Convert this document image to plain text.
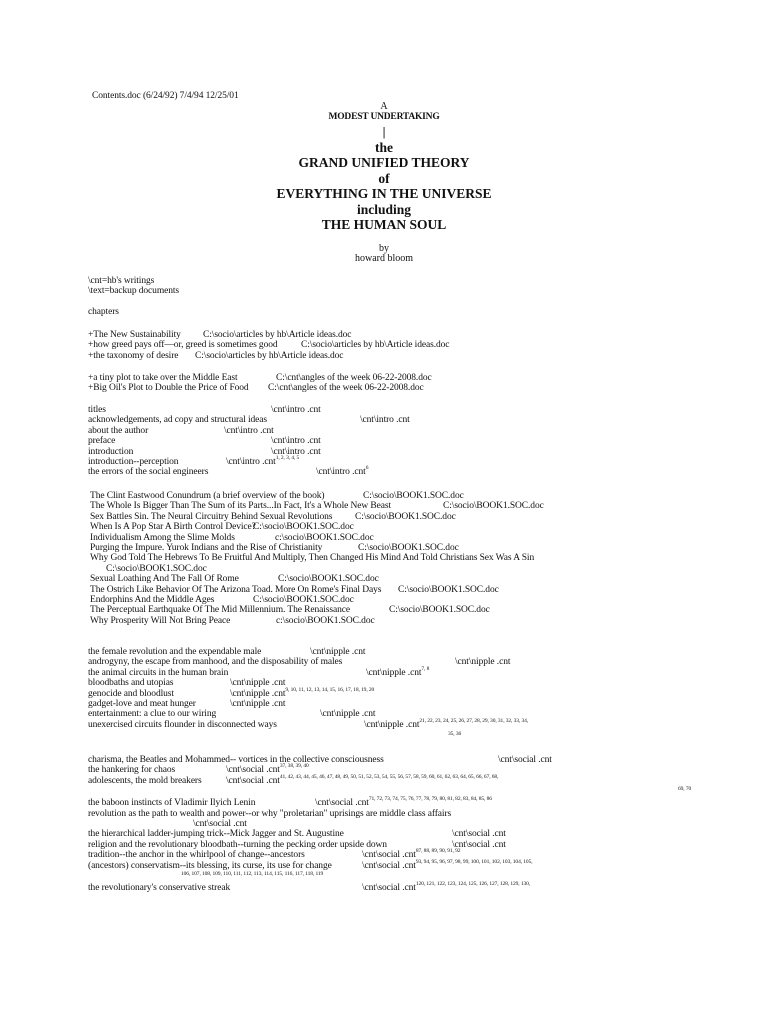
Contents.doc (6/24/92) 7/4/94 12/25/01
A
MODEST UNDERTAKING
|
the
GRAND UNIFIED THEORY
of
EVERYTHING IN THE UNIVERSE
including
THE HUMAN SOUL
by
howard bloom
\cnt=hb's writings
\text=backup documents
chapters
+The New Sustainability C:\socio\articles by hb\Article ideas.doc
+how greed pays off—or, greed is sometimes good C:\socio\articles by hb\Article ideas.doc
+the taxonomy of desire C:\socio\articles by hb\Article ideas.doc
+a tiny plot to take over the Middle East	C:\cnt\angles of the week 06-22-2008.doc
+Big Oil's Plot to Double the Price of Food C:\cnt\angles of the week 06-22-2008.doc
titles	\cnt\intro .cnt
acknowledgements, ad copy and structural ideas	\cnt\intro .cnt
about the author	\cnt\intro .cnt
preface	\cnt\intro .cnt
introduction	\cnt\intro .cnt
introduction--perception	\cnt\intro .cnt$^{1, 2, 3, 4, 5}$
the errors of the social engineers	\cnt\intro .cnt$^6$
The Clint Eastwood Conundrum (a brief overview of the book)	C:\socio\BOOK1.SOC.doc
The Whole Is Bigger Than The Sum of its Parts...In Fact, It's a Whole New Beast	C:\socio\BOOK1.SOC.doc
Sex Battles Sin. The Neural Circuitry Behind Sexual Revolutions C:\socio\BOOK1.SOC.doc
When Is A Pop Star A Birth Control Device?
C:\socio\BOOK1.SOC.doc
Individualism Among the Slime Molds	c:\socio\BOOK1.SOC.doc
Purging the Impure. Yurok Indians and the Rise of Christianity	C:\socio\BOOK1.SOC.doc
Why God Told The Hebrews To Be Fruitful And Multiply, Then Changed His Mind And Told Christians Sex Was A Sin
C:\socio\BOOK1.SOC.doc
Sexual Loathing And The Fall Of Rome	C:\socio\BOOK1.SOC.doc
The Ostrich Like Behavior Of The Arizona Toad. More On Rome's Final Days C:\socio\BOOK1.SOC.doc
Endorphins And the Middle Ages	C:\socio\BOOK1.SOC.doc
The Perceptual Earthquake Of The Mid Millennium. The Renaissance	C:\socio\BOOK1.SOC.doc
Why Prosperity Will Not Bring Peace	c:\socio\BOOK1.SOC.doc
the female revolution and the expendable male	\cnt\nipple .cnt
androgyny, the escape from manhood, and the disposability of males	\cnt\nipple .cnt
the animal circuits in the human brain	\cnt\nipple .cnt$^{7, 8}$
bloodbaths and utopias	\cnt\nipple .cnt
genocide and bloodlust	\cnt\nipple .cnt$^{9, 10, 11, 12, 13, 14, 15, 16, 17, 18, 19, 20}$
gadget-love and meat hunger	\cnt\nipple .cnt
entertainment: a clue to our wiring	\cnt\nipple .cnt
unexercised circuits flounder in disconnected ways	\cnt\nipple .cnt$^{21, 22, 23, 24, 25, 26, 27, 28, 29, 30, 31, 32, 33, 34,}$
35, 36
charisma, the Beatles and Mohammed-- vortices in the collective consciousness	\cnt\social .cnt
the hankering for chaos	\cnt\social .cnt$^{37, 38, 39, 40}$
adolescents, the mold breakers	\cnt\social .cnt$^{41, 42, 43, 44, 45, 46, 47, 48, 49, 50, 51, 52, 53, 54, 55, 56, 57, 58, 59, 60, 61, 62, 63, 64, 65, 66, 67, 68,}$
69, 70
the baboon instincts of Vladimir Ilyich Lenin	\cnt\social .cnt$^{71, 72, 73, 74, 75, 76, 77, 78, 79, 80, 81, 82, 83, 84, 85, 86}$
revolution as the path to wealth and power--or why "proletarian" uprisings are middle class affairs
\cnt\social .cnt
the hierarchical ladder-jumping trick--Mick Jagger and St. Augustine	\cnt\social .cnt
religion and the revolutionary bloodbath--turning the pecking order upside down	\cnt\social .cnt
tradition--the anchor in the whirlpool of change--ancestors	\cnt\social .cnt$^{87, 88, 89, 90, 91, 92}$
(ancestors) conservatism--its blessing, its curse, its use for change	\cnt\social .cnt$^{93, 94, 95, 96, 97, 98, 99, 100, 101, 102, 103, 104, 105,}$
106, 107, 108, 109, 110, 111, 112, 113, 114, 115, 116, 117, 118, 119
the revolutionary's conservative streak	\cnt\social .cnt$^{120, 121, 122, 123, 124, 125, 126, 127, 128, 129, 130,}$
